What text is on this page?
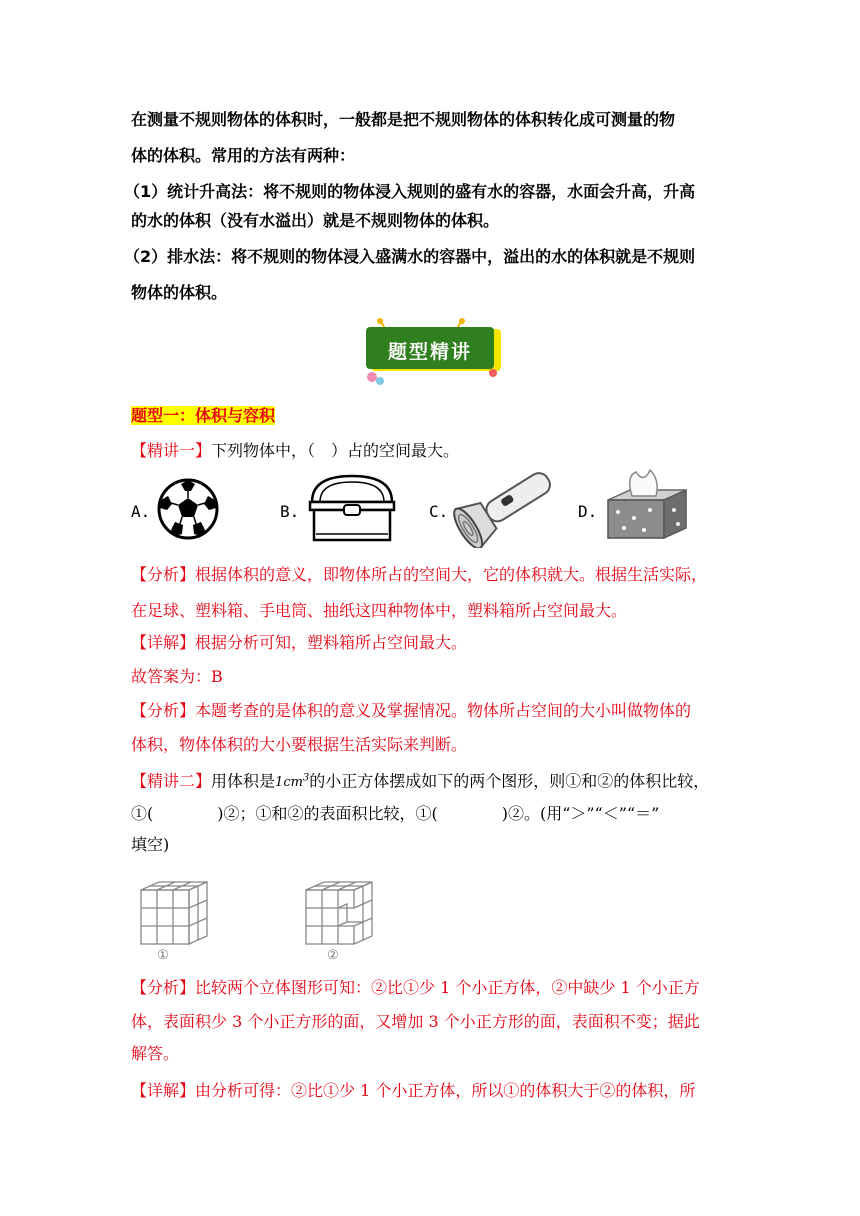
在测量不规则物体的体积时，一般都是把不规则物体的体积转化成可测量的物
体的体积。常用的方法有两种：
（1）统计升高法：将不规则的物体浸入规则的盛有水的容器，水面会升高，升高
的水的体积（没有水溢出）就是不规则物体的体积。
（2）排水法：将不规则的物体浸入盛满水的容器中，溢出的水的体积就是不规则
物体的体积。
题型精讲
题型一：体积与容积
【精讲一】下列物体中，（　）占的空间最大。
A.	B.	C.	D.
【分析】根据体积的意义，即物体所占的空间大，它的体积就大。根据生活实际，
在足球、塑料箱、手电筒、抽纸这四种物体中，塑料箱所占空间最大。
【详解】根据分析可知，塑料箱所占空间最大。
故答案为：B
【分析】本题考查的是体积的意义及掌握情况。物体所占空间的大小叫做物体的
体积，物体体积的大小要根据生活实际来判断。
【精讲二】用体积是$1cm^3$的小正方体摆成如下的两个图形，则①和②的体积比较，
①(　　　　)②；①和②的表面积比较，①(　　　　)②。(用“＞”“＜”“＝”
填空)
①	②
【分析】比较两个立体图形可知：②比①少 1 个小正方体，②中缺少 1 个小正方
体，表面积少 3 个小正方形的面，又增加 3 个小正方形的面，表面积不变；据此
解答。
【详解】由分析可得：②比①少 1 个小正方体，所以①的体积大于②的体积，所
